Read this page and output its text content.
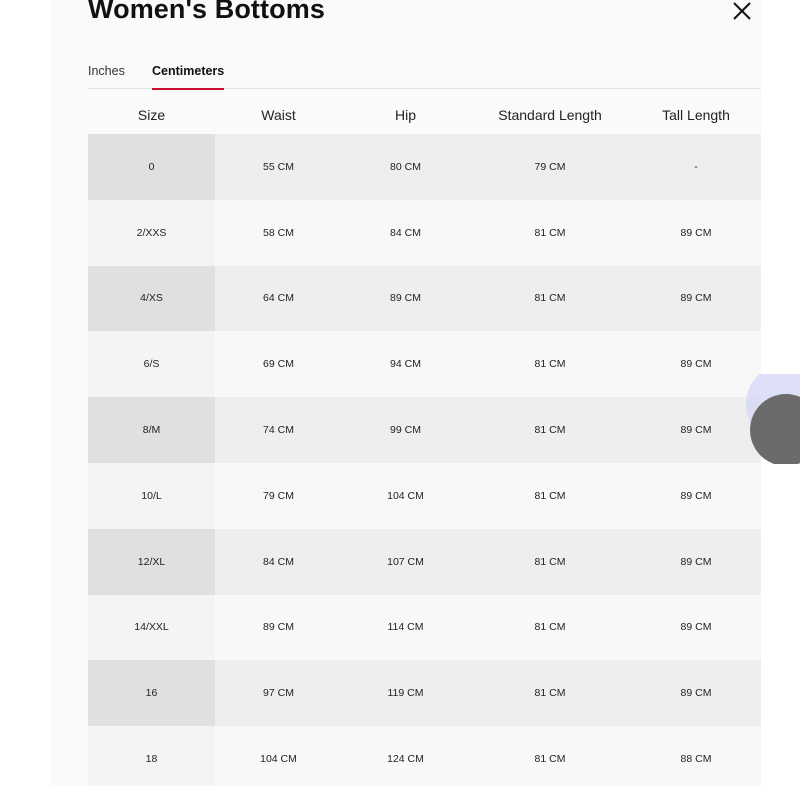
Women's Bottoms
Inches Centimeters
Size	Waist	Hip	Standard Length	Tall Length
0	55 CM	80 CM	79 CM	-
2/XXS	58 CM	84 CM	81 CM	89 CM
4/XS	64 CM	89 CM	81 CM	89 CM
6/S	69 CM	94 CM	81 CM	89 CM
8/M	74 CM	99 CM	81 CM	89 CM
10/L	79 CM	104 CM	81 CM	89 CM
12/XL	84 CM	107 CM	81 CM	89 CM
14/XXL	89 CM	114 CM	81 CM	89 CM
16	97 CM	119 CM	81 CM	89 CM
18	104 CM	124 CM	81 CM	88 CM
